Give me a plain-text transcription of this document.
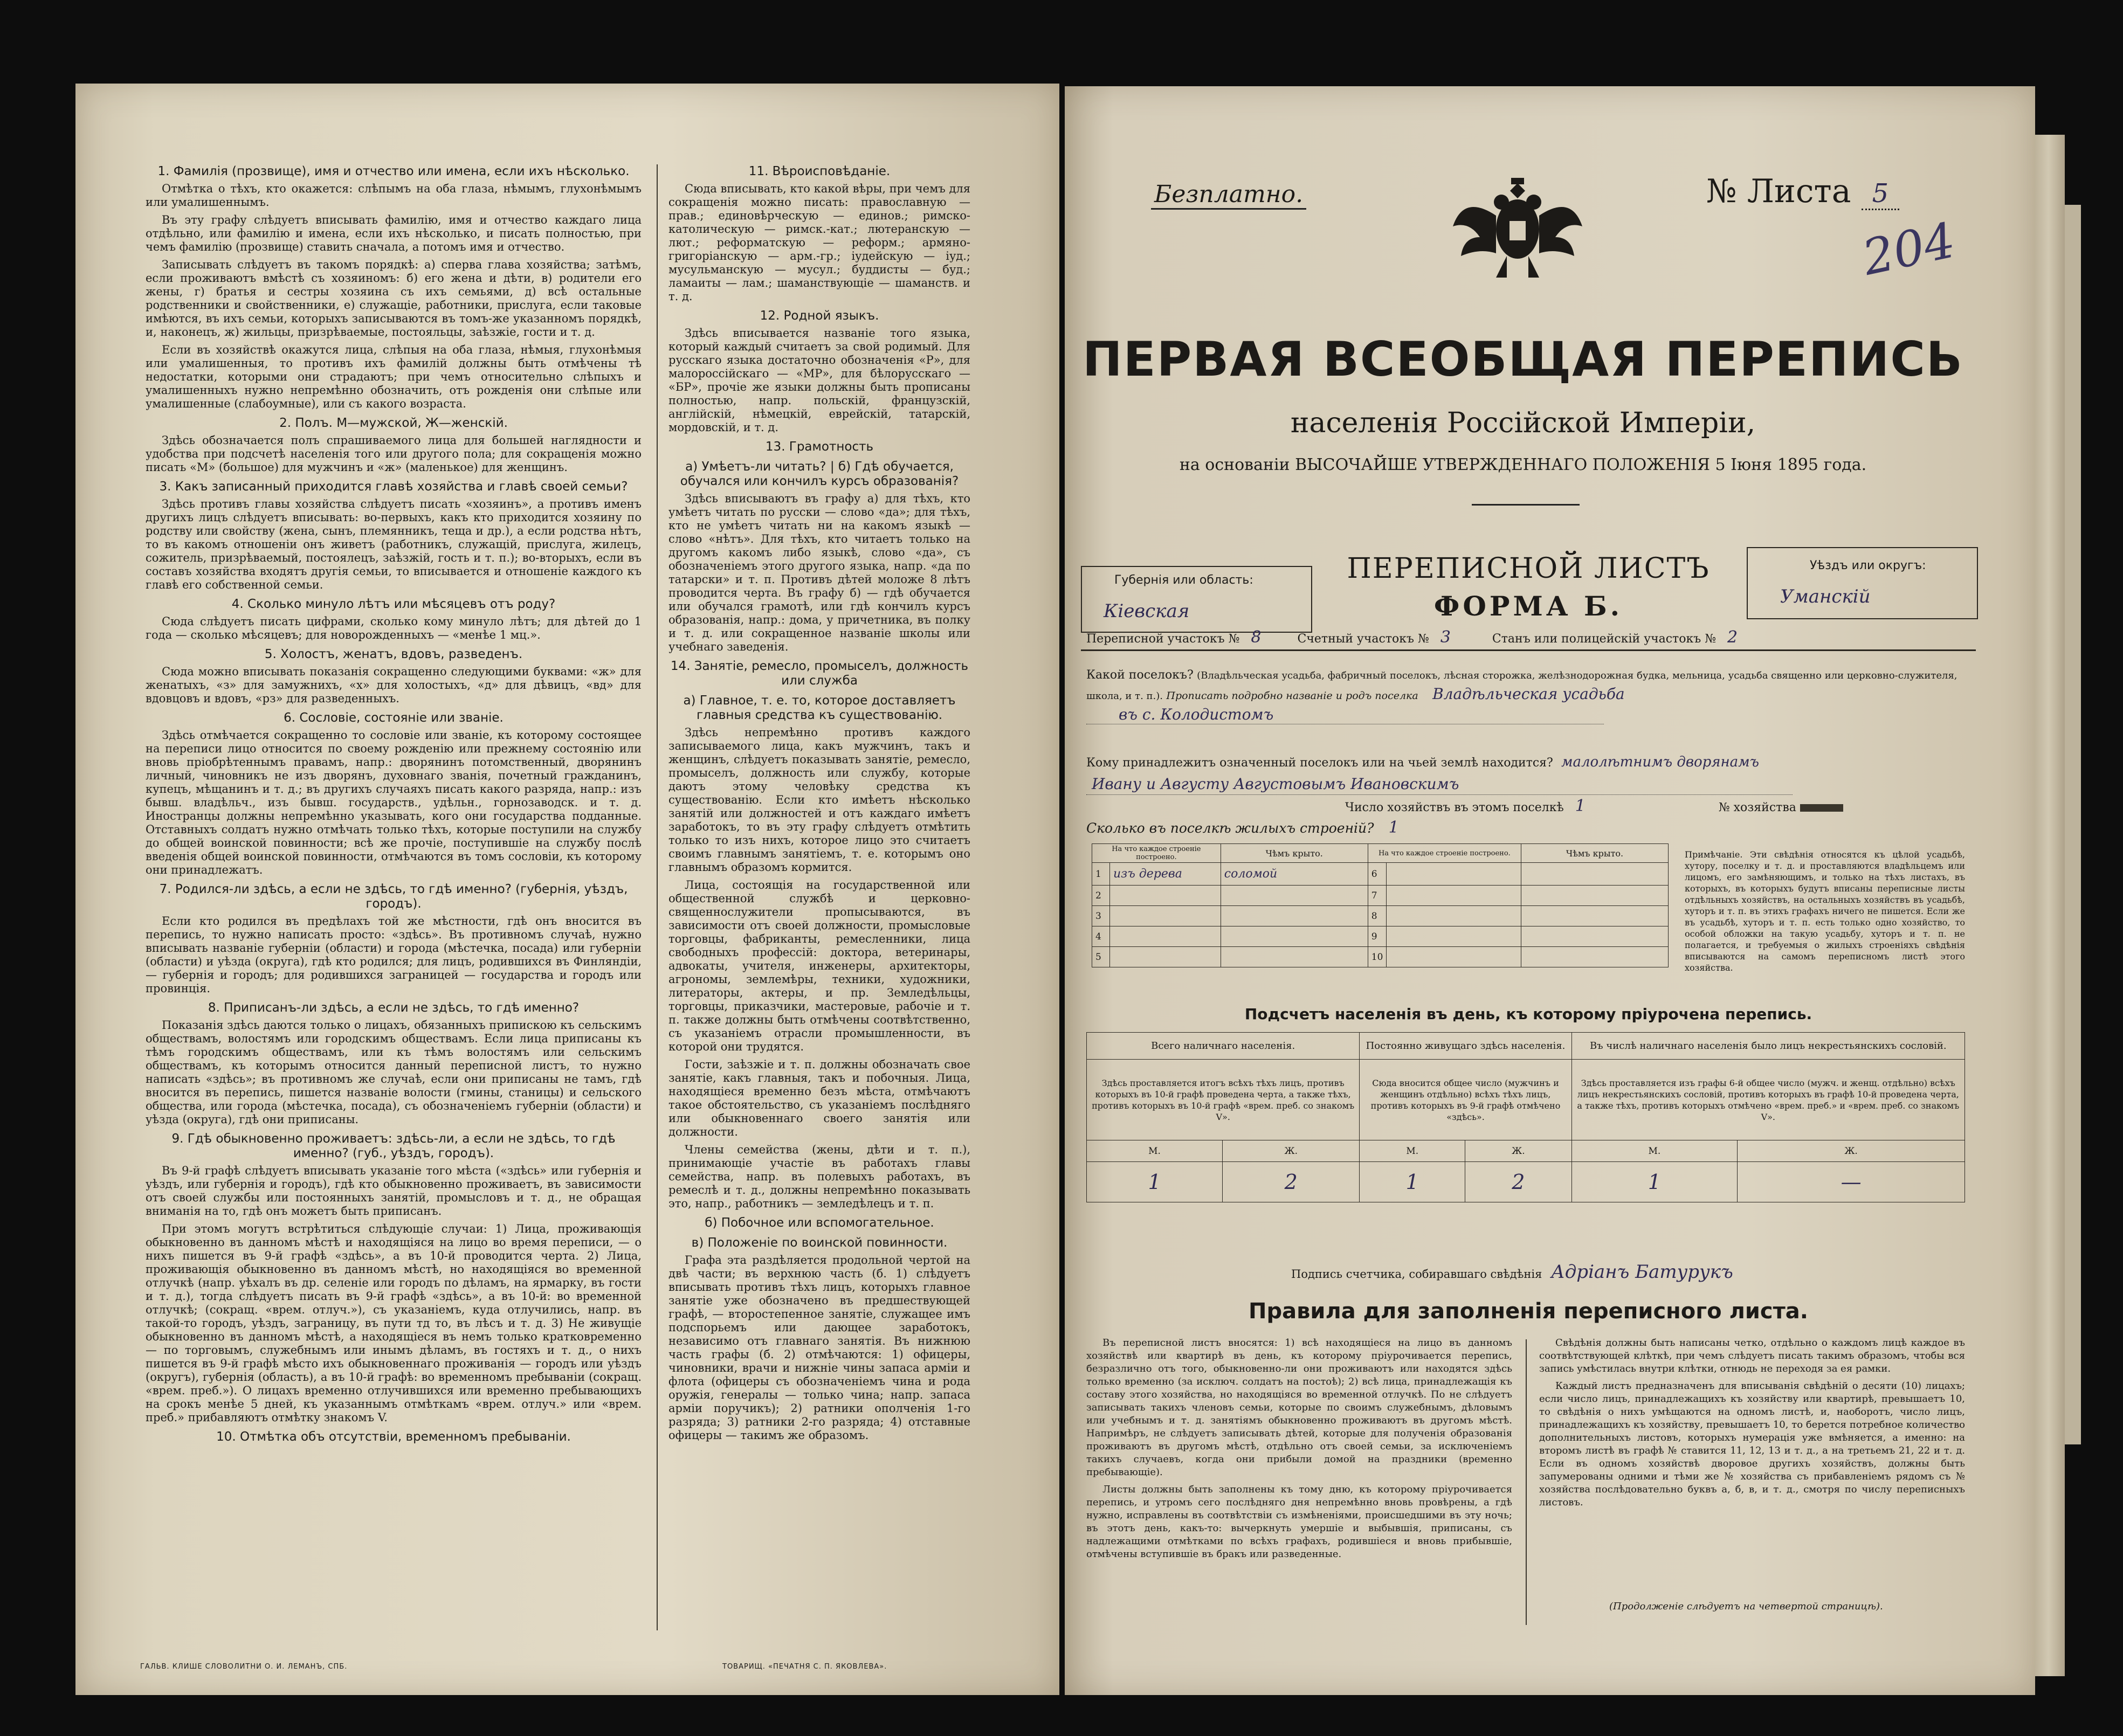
1. Фамилія (прозвище), имя и отчество или имена, если ихъ нѣсколько.

Отмѣтка о тѣхъ, кто окажется: слѣпымъ на оба глаза, нѣмымъ, глухонѣмымъ или умалишеннымъ.

Въ эту графу слѣдуетъ вписывать фамилію, имя и отчество каждаго лица отдѣльно, или фамилію и имена, если ихъ нѣсколько, и писать полностью, при чемъ фамилію (прозвище) ставить сначала, а потомъ имя и отчество.

Записывать слѣдуетъ въ такомъ порядкѣ: а) сперва глава хозяйства; затѣмъ, если проживаютъ вмѣстѣ съ хозяиномъ: б) его жена и дѣти, в) родители его жены, г) братья и сестры хозяина съ ихъ семьями, д) всѣ остальные родственники и свойственники, е) служащіе, работники, прислуга, если таковые имѣются, въ ихъ семьи, которыхъ записываются въ томъ-же указанномъ порядкѣ, и, наконецъ, ж) жильцы, призрѣваемые, постояльцы, заѣзжіе, гости и т. д.

Если въ хозяйствѣ окажутся лица, слѣпыя на оба глаза, нѣмыя, глухонѣмыя или умалишенныя, то противъ ихъ фамилій должны быть отмѣчены тѣ недостатки, которыми они страдаютъ; при чемъ относительно слѣпыхъ и умалишенныхъ нужно непремѣнно обозначить, отъ рожденія они слѣпые или умалишенные (слабоумные), или съ какого возраста.

2. Полъ. М—мужской, Ж—женскій.

Здѣсь обозначается полъ спрашиваемого лица для большей наглядности и удобства при подсчетѣ населенія того или другого пола; для сокращенія можно писать «М» (большое) для мужчинъ и «ж» (маленькое) для женщинъ.

3. Какъ записанный приходится главѣ хозяйства и главѣ своей семьи?

Здѣсь противъ главы хозяйства слѣдуетъ писать «хозяинъ», а противъ именъ другихъ лицъ слѣдуетъ вписывать: во-первыхъ, какъ кто приходится хозяину по родству или свойству (жена, сынъ, племянникъ, теща и др.), а если родства нѣтъ, то въ какомъ отношеніи онъ живетъ (работникъ, служащій, прислуга, жилецъ, сожитель, призрѣваемый, постоялецъ, заѣзжій, гость и т. п.); во-вторыхъ, если въ составъ хозяйства входятъ другія семьи, то вписывается и отношеніе каждого къ главѣ его собственной семьи.

4. Сколько минуло лѣтъ или мѣсяцевъ отъ роду?

Сюда слѣдуетъ писать цифрами, сколько кому минуло лѣтъ; для дѣтей до 1 года — сколько мѣсяцевъ; для новорожденныхъ — «менѣе 1 мц.».

5. Холостъ, женатъ, вдовъ, разведенъ.

Сюда можно вписывать показанія сокращенно следующими буквами: «ж» для женатыхъ, «з» для замужнихъ, «х» для холостыхъ, «д» для дѣвицъ, «вд» для вдовцовъ и вдовъ, «рз» для разведенныхъ.

6. Сословіе, состояніе или званіе.

Здѣсь отмѣчается сокращенно то сословіе или званіе, къ которому состоящее на переписи лицо относится по своему рожденію или прежнему состоянію или вновь пріобрѣтеннымъ правамъ, напр.: дворянинъ потомственный, дворянинъ личный, чиновникъ не изъ дворянъ, духовнаго званія, почетный гражданинъ, купецъ, мѣщанинъ и т. д.; въ другихъ случаяхъ писать какого разряда, напр.: изъ бывш. владѣльч., изъ бывш. государств., удѣльн., горнозаводск. и т. д. Иностранцы должны непремѣнно указывать, кого они государства подданные. Отставныхъ солдатъ нужно отмѣчать только тѣхъ, которые поступили на службу до общей воинской повинности; всѣ же прочіе, поступившіе на службу послѣ введенія общей воинской повинности, отмѣчаются въ томъ сословіи, къ которому они принадлежатъ.

7. Родился-ли здѣсь, а если не здѣсь, то гдѣ именно? (губернія, уѣздъ, городъ).

Если кто родился въ предѣлахъ той же мѣстности, гдѣ онъ вносится въ перепись, то нужно написать просто: «здѣсь». Въ противномъ случаѣ, нужно вписывать названіе губерніи (области) и города (мѣстечка, посада) или губерніи (области) и уѣзда (округа), гдѣ кто родился; для лицъ, родившихся въ Финляндіи, — губернія и городъ; для родившихся заграницей — государства и городъ или провинція.

8. Приписанъ-ли здѣсь, а если не здѣсь, то гдѣ именно?

Показанія здѣсь даются только о лицахъ, обязанныхъ припискою къ сельскимъ обществамъ, волостямъ или городскимъ обществамъ. Если лица приписаны къ тѣмъ городскимъ обществамъ, или къ тѣмъ волостямъ или сельскимъ обществамъ, къ которымъ относится данный переписной листъ, то нужно написать «здѣсь»; въ противномъ же случаѣ, если они приписаны не тамъ, гдѣ вносится въ перепись, пишется названіе волости (гмины, станицы) и сельского общества, или города (мѣстечка, посада), съ обозначеніемъ губерніи (области) и уѣзда (округа), гдѣ они приписаны.

9. Гдѣ обыкновенно проживаетъ: здѣсь-ли, а если не здѣсь, то гдѣ именно? (губ., уѣздъ, городъ).

Въ 9-й графѣ слѣдуетъ вписывать указаніе того мѣста («здѣсь» или губернія и уѣздъ, или губернія и городъ), гдѣ кто обыкновенно проживаетъ, въ зависимости отъ своей службы или постоянныхъ занятій, промысловъ и т. д., не обращая вниманія на то, гдѣ онъ можетъ быть приписанъ.

При этомъ могутъ встрѣтиться слѣдующіе случаи: 1) Лица, проживающія обыкновенно въ данномъ мѣстѣ и находящіяся на лицо во время переписи, — о нихъ пишется въ 9-й графѣ «здѣсь», а въ 10-й проводится черта. 2) Лица, проживающія обыкновенно въ данномъ мѣстѣ, но находящіяся во временной отлучкѣ (напр. уѣхалъ въ др. селеніе или городъ по дѣламъ, на ярмарку, въ гости и т. д.), тогда слѣдуетъ писать въ 9-й графѣ «здѣсь», а въ 10-й: во временной отлучкѣ; (сокращ. «врем. отлуч.»), съ указаніемъ, куда отлучились, напр. въ такой-то городъ, уѣздъ, заграницу, въ пути тд то, въ лѣсъ и т. д. 3) Не живущіе обыкновенно въ данномъ мѣстѣ, а находящіеся въ немъ только кратковременно — по торговымъ, служебнымъ или инымъ дѣламъ, въ гостяхъ и т. д., о нихъ пишется въ 9-й графѣ мѣсто ихъ обыкновеннаго проживанія — городъ или уѣздъ (округъ), губернія (область), а въ 10-й графѣ: во временномъ пребываніи (сокращ. «врем. преб.»). О лицахъ временно отлучившихся или временно пребывающихъ на срокъ менѣе 5 дней, къ указаннымъ отмѣткамъ «врем. отлуч.» или «врем. преб.» прибавляютъ отмѣтку знакомъ V.

10. Отмѣтка объ отсутствіи, временномъ пребываніи.
11. Вѣроисповѣданіе.

Сюда вписывать, кто какой вѣры, при чемъ для сокращенія можно писать: православную — прав.; единовѣрческую — единов.; римско-католическую — римск.-кат.; лютеранскую — лют.; реформатскую — реформ.; армяно-григоріанскую — арм.-гр.; іудейскую — іуд.; мусульманскую — мусул.; буддисты — буд.; ламаиты — лам.; шаманствующіе — шаманств. и т. д.

12. Родной языкъ.

Здѣсь вписывается названіе того языка, который каждый считаетъ за свой родимый. Для русскаго языка достаточно обозначенія «Р», для малороссійскаго — «МР», для бѣлорусскаго — «БР», прочіе же языки должны быть прописаны полностью, напр. польскій, французскій, англійскій, нѣмецкій, еврейскій, татарскій, мордовскій, и т. д.

13. Грамотность
а) Умѣетъ-ли читать? | б) Гдѣ обучается, обучался или кончилъ курсъ образованія?

Здѣсь вписываютъ въ графу а) для тѣхъ, кто умѣетъ читать по русски — слово «да»; для тѣхъ, кто не умѣетъ читать ни на какомъ языкѣ — слово «нѣтъ». Для тѣхъ, кто читаетъ только на другомъ какомъ либо языкѣ, слово «да», съ обозначеніемъ этого другого языка, напр. «да по татарски» и т. п. Противъ дѣтей моложе 8 лѣтъ проводится черта. Въ графу б) — гдѣ обучается или обучался грамотѣ, или гдѣ кончилъ курсъ образованія, напр.: дома, у причетника, въ полку и т. д. или сокращенное названіе школы или учебнаго заведенія.

14. Занятіе, ремесло, промыселъ, должность или служба
а) Главное, т. е. то, которое доставляетъ главныя средства къ существованію.

Здѣсь непремѣнно противъ каждого записываемого лица, какъ мужчинъ, такъ и женщинъ, слѣдуетъ показывать занятіе, ремесло, промыселъ, должность или службу, которые даютъ этому человѣку средства къ существованію. Если кто имѣетъ нѣсколько занятій или должностей и отъ каждаго имѣетъ заработокъ, то въ эту графу слѣдуетъ отмѣтить только то изъ нихъ, которое лицо это считаетъ своимъ главнымъ занятіемъ, т. е. которымъ оно главнымъ образомъ кормится.

Лица, состоящія на государственной или общественной службѣ и церковно-священнослужители пропысываются, въ зависимости отъ своей должности, промысловые торговцы, фабриканты, ремесленники, лица свободныхъ профессій: доктора, ветеринары, адвокаты, учителя, инженеры, архитекторы, агрономы, землемѣры, техники, художники, литераторы, актеры, и пр. Земледѣльцы, торговцы, приказчики, мастеровые, рабочіе и т. п. также должны быть отмѣчены соотвѣтственно, съ указаніемъ отрасли промышленности, въ которой они трудятся.

Гости, заѣзжіе и т. п. должны обозначать свое занятіе, какъ главныя, такъ и побочныя. Лица, находящіеся временно безъ мѣста, отмѣчаютъ такое обстоятельство, съ указаніемъ послѣдняго или обыкновеннаго своего занятія или должности.

Члены семейства (жены, дѣти и т. п.), принимающіе участіе въ работахъ главы семейства, напр. въ полевыхъ работахъ, въ ремеслѣ и т. д., должны непремѣнно показывать это, напр., работникъ — земледѣлецъ и т. п.

б) Побочное или вспомогательное.
в) Положеніе по воинской повинности.

Графа эта раздѣляется продольной чертой на двѣ части; въ верхнюю часть (б. 1) слѣдуетъ вписывать противъ тѣхъ лицъ, которыхъ главное занятіе уже обозначено въ предшествующей графѣ, — второстепенное занятіе, служащее имъ подспорьемъ или дающее заработокъ, независимо отъ главнаго занятія. Въ нижнюю часть графы (б. 2) отмѣчаются: 1) офицеры, чиновники, врачи и нижніе чины запаса армiи и флота (офицеры съ обозначеніемъ чина и рода оружія, генералы — только чина; напр. запаса армiи поручикъ); 2) ратники ополченія 1-го разряда; 3) ратники 2-го разряда; 4) отставные офицеры — такимъ же образомъ.

ГАЛЬВ. КЛИШЕ СЛОВОЛИТНИ О. И. ЛЕМАНЪ, СПБ.	ТОВАРИЩ. «ПЕЧАТНЯ С. П. ЯКОВЛЕВА».
Безплатно.	№ Листа 5
204
ПЕРВАЯ ВСЕОБЩАЯ ПЕРЕПИСЬ
населенія Россійской Имперіи,
на основаніи ВЫСОЧАЙШЕ УТВЕРЖДЕННАГО ПОЛОЖЕНІЯ 5 Іюня 1895 года.
Губернія или область:
Кіевская
ПЕРЕПИСНОЙ ЛИСТЪ
ФОРМА Б.
Уѣздъ или округъ:
Уманскій
Переписной участокъ № 8	Счетный участокъ № 3	Станъ или полицейскій участокъ № 2
Какой поселокъ? (Владѣльческая усадьба, фабричный поселокъ, лѣсная сторожка, желѣзнодорожная будка, мельница, усадьба священно или церковно-служителя, школа, и т. п.). Прописать подробно названіе и родъ поселка Владѣльческая усадьба
въ с. Колодистомъ
Кому принадлежитъ означенный поселокъ или на чьей землѣ находится? малолѣтнимъ дворянамъ
Ивану и Августу Августовымъ Ивановскимъ
Число хозяйствъ въ этомъ поселкѣ 1	№ хозяйства
Сколько въ поселкѣ жилыхъ строеній? 1
На что каждое строеніе построено.		Чѣмъ крыто.	На что каждое строеніе построено.		Чѣмъ крыто.
1	изъ дерева	соломой	6		
2			7		
3			8		
4			9		
5			10		
Примѣчаніе. Эти свѣдѣнія относятся къ цѣлой усадьбѣ, хутору, поселку и т. д. и проставляются владѣльцемъ или лицомъ, его замѣняющимъ, и только на тѣхъ листахъ, въ которыхъ, въ которыхъ будутъ вписаны переписные листы отдѣльныхъ хозяйствъ, на остальныхъ хозяйствъ въ усадьбѣ, хуторъ и т. п. въ этихъ графахъ ничего не пишется. Если же въ усадьбѣ, хуторъ и т. п. есть только одно хозяйство, то особой обложки на такую усадьбу, хуторъ и т. п. не полагается, и требуемыя о жилыхъ строеніяхъ свѣдѣнія вписываются на самомъ переписномъ листѣ этого хозяйства.
Подсчетъ населенія въ день, къ которому пріурочена перепись.
Всего наличнаго населенія.		Постоянно живущаго здѣсь населенія.		Въ числѣ наличнаго населенія было лицъ некрестьянскихъ сословій.	
Здѣсь проставляется итогъ всѣхъ тѣхъ лицъ, противъ которыхъ въ 10-й графѣ проведена черта, а также тѣхъ, противъ которыхъ въ 10-й графѣ «врем. преб. со знакомъ V».		Сюда вносится общее число (мужчинъ и женщинъ отдѣльно) всѣхъ тѣхъ лицъ, противъ которыхъ въ 9-й графѣ отмѣчено «здѣсь».		Здѣсь проставляется изъ графы 6-й общее число (мужч. и женщ. отдѣльно) всѣхъ лицъ некрестьянскихъ сословій, противъ которыхъ въ графѣ 10-й проведена черта, а также тѣхъ, противъ которыхъ отмѣчено «врем. преб.» и «врем. преб. со знакомъ V».	
М.	Ж.	М.	Ж.	М.	Ж.
1	2	1	2	1	—
Подпись счетчика, собиравшаго свѣдѣнія Адріанъ Батурукъ
Правила для заполненія переписного листа.

Въ переписной листъ вносятся: 1) всѣ находящіеся на лицо въ данномъ хозяйствѣ или квартирѣ въ день, къ которому пріурочивается перепись, безразлично отъ того, обыкновенно-ли они проживаютъ или находятся здѣсь только временно (за исключ. солдатъ на постоѣ); 2) всѣ лица, принадлежащія къ составу этого хозяйства, но находящіяся во временной отлучкѣ. По не слѣдуетъ записывать такихъ членовъ семьи, которые по своимъ служебнымъ, дѣловымъ или учебнымъ и т. д. занятіямъ обыкновенно проживаютъ въ другомъ мѣстѣ. Напримѣръ, не слѣдуетъ записывать дѣтей, которые для полученія образованія проживаютъ въ другомъ мѣстѣ, отдѣльно отъ своей семьи, за исключеніемъ такихъ случаевъ, когда они прибыли домой на праздники (временно пребывающіе).

Листы должны быть заполнены къ тому дню, къ которому пріурочивается перепись, и утромъ сего послѣдняго дня непремѣнно вновь провѣрены, а гдѣ нужно, исправлены въ соотвѣтствіи съ измѣненіями, происшедшими въ эту ночь; въ этотъ день, какъ-то: вычеркнуть умершіе и выбывшія, приписаны, съ надлежащими отмѣтками по всѣхъ графахъ, родившіеся и вновь прибывшіе, отмѣчены вступившіе въ бракъ или разведенные.

Свѣдѣнія должны быть написаны четко, отдѣльно о каждомъ лицѣ каждое въ соотвѣтствующей клѣткѣ, при чемъ слѣдуетъ писать такимъ образомъ, чтобы вся запись умѣстилась внутри клѣтки, отнюдь не переходя за ея рамки.

Каждый листъ предназначенъ для вписыванія свѣдѣній о десяти (10) лицахъ; если число лицъ, принадлежащихъ къ хозяйству или квартирѣ, превышаетъ 10, то свѣдѣнія о нихъ умѣщаются на одномъ листѣ, и, наоборотъ, число лицъ, принадлежащихъ къ хозяйству, превышаетъ 10, то берется потребное количество дополнительныхъ листовъ, которыхъ нумерація уже вмѣняется, а именно: на второмъ листѣ въ графѣ № ставится 11, 12, 13 и т. д., а на третьемъ 21, 22 и т. д. Если въ одномъ хозяйствѣ дворовое другихъ хозяйствъ, должны быть запумерованы одними и тѣми же № хозяйства съ прибавленіемъ рядомъ съ № хозяйства послѣдовательно буквъ а, б, в, и т. д., смотря по числу переписныхъ листовъ.

(Продолженіе слѣдуетъ на четвертой страницѣ).
